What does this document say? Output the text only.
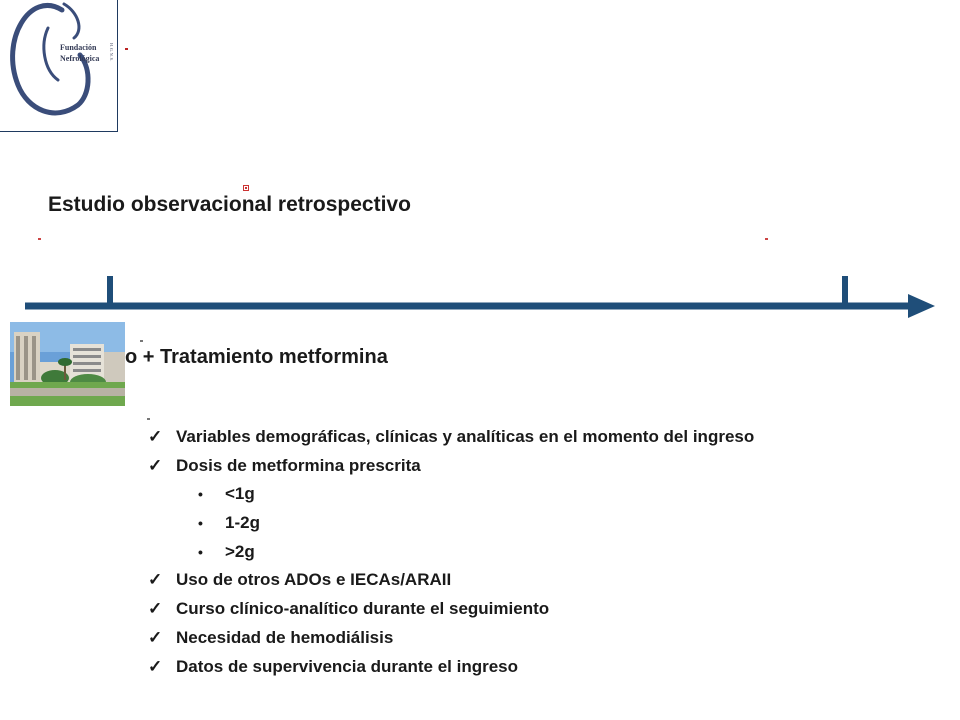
Fundación
Nefrológica H.G.N.S.
Estudio observacional retrospectivo
o + Tratamiento metformina
✓ Variables demográficas, clínicas y analíticas en el momento del ingreso
✓ Dosis de metformina prescrita
• <1g
• 1-2g
• >2g
✓ Uso de otros ADOs e IECAs/ARAII
✓ Curso clínico-analítico durante el seguimiento
✓ Necesidad de hemodiálisis
✓ Datos de supervivencia durante el ingreso
